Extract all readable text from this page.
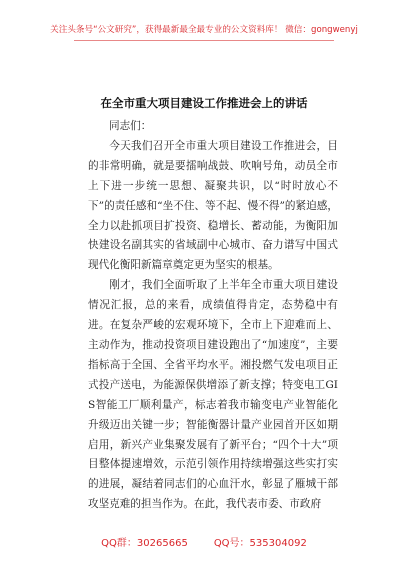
关注头条号“公文研究”，获得最新最全最专业的公文资料库！ 微信：gongwenyj
在全市重大项目建设工作推进会上的讲话

同志们：

今天我们召开全市重大项目建设工作推进会，目的非常明确，就是要擂响战鼓、吹响号角，动员全市上下进一步统一思想、凝聚共识，以“时时放心不下”的责任感和“坐不住、等不起、慢不得”的紧迫感，全力以赴抓项目扩投资、稳增长、蓄动能，为衡阳加快建设名副其实的省域副中心城市、奋力谱写中国式现代化衡阳新篇章奠定更为坚实的根基。

刚才，我们全面听取了上半年全市重大项目建设情况汇报，总的来看，成绩值得肯定，态势稳中有进。在复杂严峻的宏观环境下，全市上下迎难而上、主动作为，推动投资项目建设跑出了“加速度”，主要指标高于全国、全省平均水平。湘投燃气发电项目正式投产送电，为能源保供增添了新支撑；特变电工GIS智能工厂顺利量产，标志着我市输变电产业智能化升级迈出关键一步；智能衡器计量产业园首开区如期启用，新兴产业集聚发展有了新平台；“四个十大”项目整体提速增效，示范引领作用持续增强这些实打实的进展，凝结着同志们的心血汗水，彰显了雁城干部攻坚克难的担当作为。在此，我代表市委、市政府

QQ群：30265665	QQ号：535304092
